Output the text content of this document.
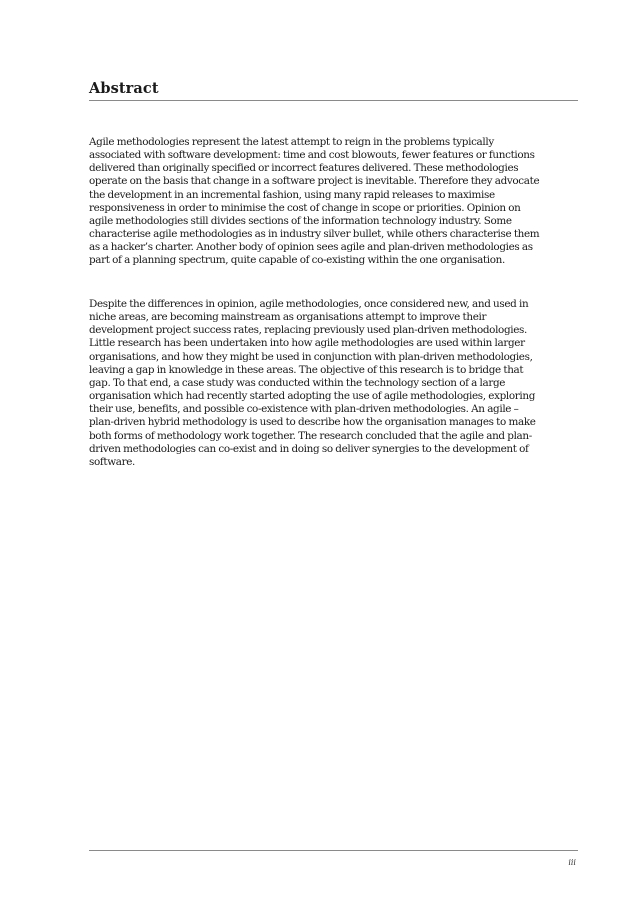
Abstract

Agile methodologies represent the latest attempt to reign in the problems typically
associated with software development: time and cost blowouts, fewer features or functions
delivered than originally specified or incorrect features delivered. These methodologies
operate on the basis that change in a software project is inevitable. Therefore they advocate
the development in an incremental fashion, using many rapid releases to maximise
responsiveness in order to minimise the cost of change in scope or priorities. Opinion on
agile methodologies still divides sections of the information technology industry. Some
characterise agile methodologies as in industry silver bullet, while others characterise them
as a hacker’s charter. Another body of opinion sees agile and plan-driven methodologies as
part of a planning spectrum, quite capable of co-existing within the one organisation.

Despite the differences in opinion, agile methodologies, once considered new, and used in
niche areas, are becoming mainstream as organisations attempt to improve their
development project success rates, replacing previously used plan-driven methodologies.
Little research has been undertaken into how agile methodologies are used within larger
organisations, and how they might be used in conjunction with plan-driven methodologies,
leaving a gap in knowledge in these areas. The objective of this research is to bridge that
gap. To that end, a case study was conducted within the technology section of a large
organisation which had recently started adopting the use of agile methodologies, exploring
their use, benefits, and possible co-existence with plan-driven methodologies. An agile –
plan-driven hybrid methodology is used to describe how the organisation manages to make
both forms of methodology work together. The research concluded that the agile and plan-
driven methodologies can co-exist and in doing so deliver synergies to the development of
software.

iii
